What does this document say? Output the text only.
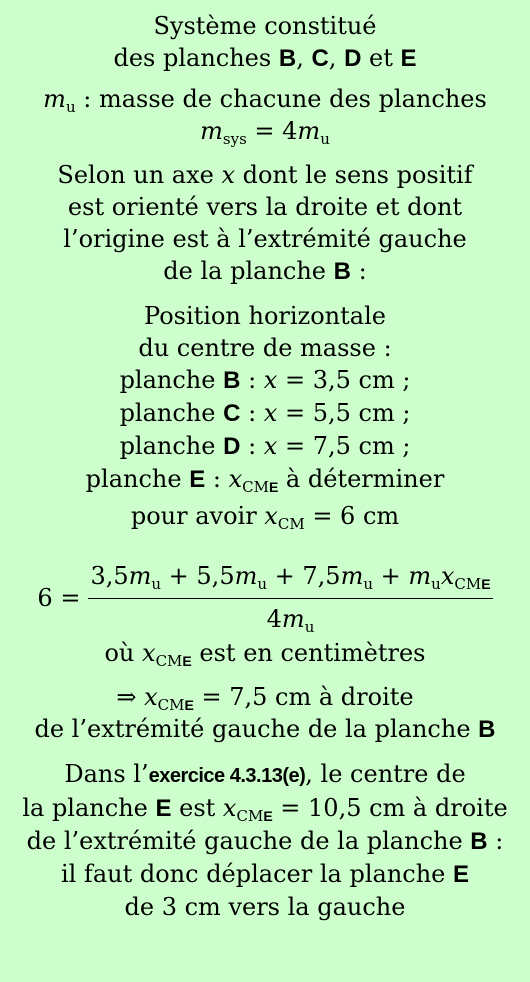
Système constitué
des planches B, C, D et E
$m_u$ : masse de chacune des planches
$m_{sys} = 4m_u$
Selon un axe x dont le sens positif
est orienté vers la droite et dont
l’origine est à l’extrémité gauche
de la planche B :
Position horizontale
du centre de masse :
planche B : x = 3,5 cm ;
planche C : x = 5,5 cm ;
planche D : x = 7,5 cm ;
planche E : $x_{CME}$ à déterminer
pour avoir $x_{CM} = 6$ cm
$6 = \frac{3,5m_u + 5,5m_u + 7,5m_u + m_ux_{CME}}{4m_u}$
où $x_{CME}$ est en centimètres
⇒ $x_{CME} = 7,5$ cm à droite
de l’extrémité gauche de la planche B
Dans l’exercice 4.3.13(e), le centre de
la planche E est $x_{CME} = 10,5$ cm à droite
de l’extrémité gauche de la planche B :
il faut donc déplacer la planche E
de 3 cm vers la gauche
